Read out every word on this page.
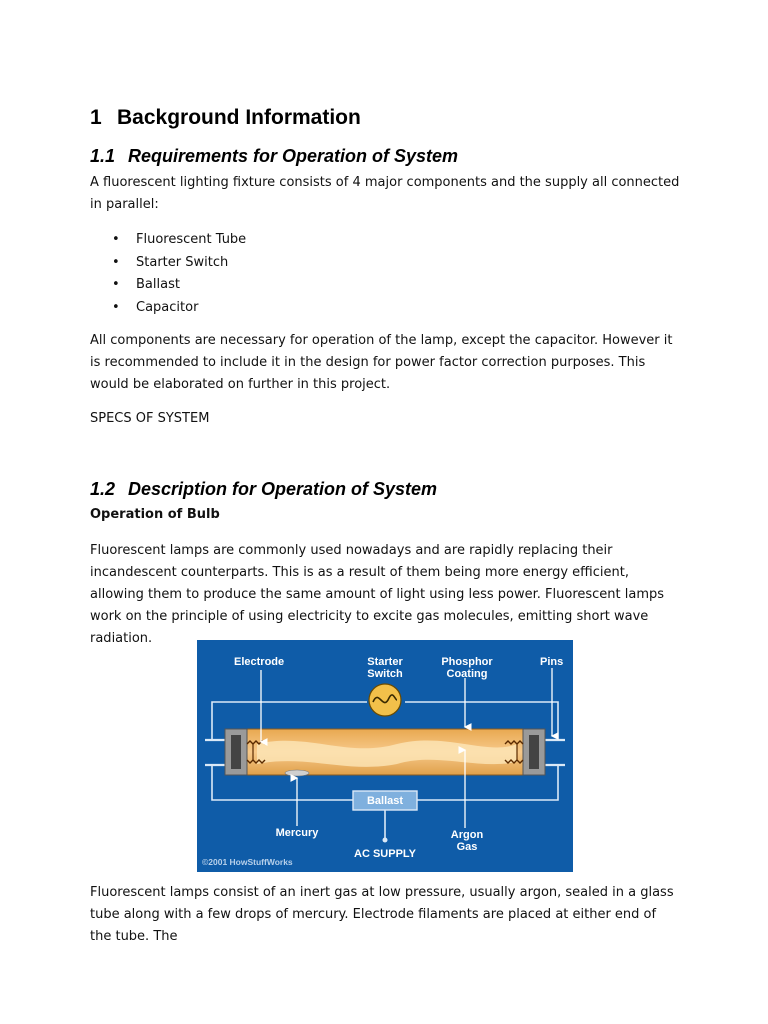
1 Background Information
1.1 Requirements for Operation of System

A fluorescent lighting fixture consists of 4 major components and the supply all connected in parallel:

• Fluorescent Tube
• Starter Switch
• Ballast
• Capacitor

All components are necessary for operation of the lamp, except the capacitor. However it is recommended to include it in the design for power factor correction purposes. This would be elaborated on further in this project.

SPECS OF SYSTEM

1.2 Description for Operation of System

Operation of Bulb

Fluorescent lamps are commonly used nowadays and are rapidly replacing their incandescent counterparts. This is as a result of them being more energy efficient, allowing them to produce the same amount of light using less power. Fluorescent lamps work on the principle of using electricity to excite gas molecules, emitting short wave radiation.

Electrode	Starter
Switch
Phosphor
Coating
Pins
Ballast
Mercury	Argon
Gas
AC SUPPLY
©2001 HowStuffWorks

Fluorescent lamps consist of an inert gas at low pressure, usually argon, sealed in a glass tube along with a few drops of mercury. Electrode filaments are placed at either end of the tube. The
